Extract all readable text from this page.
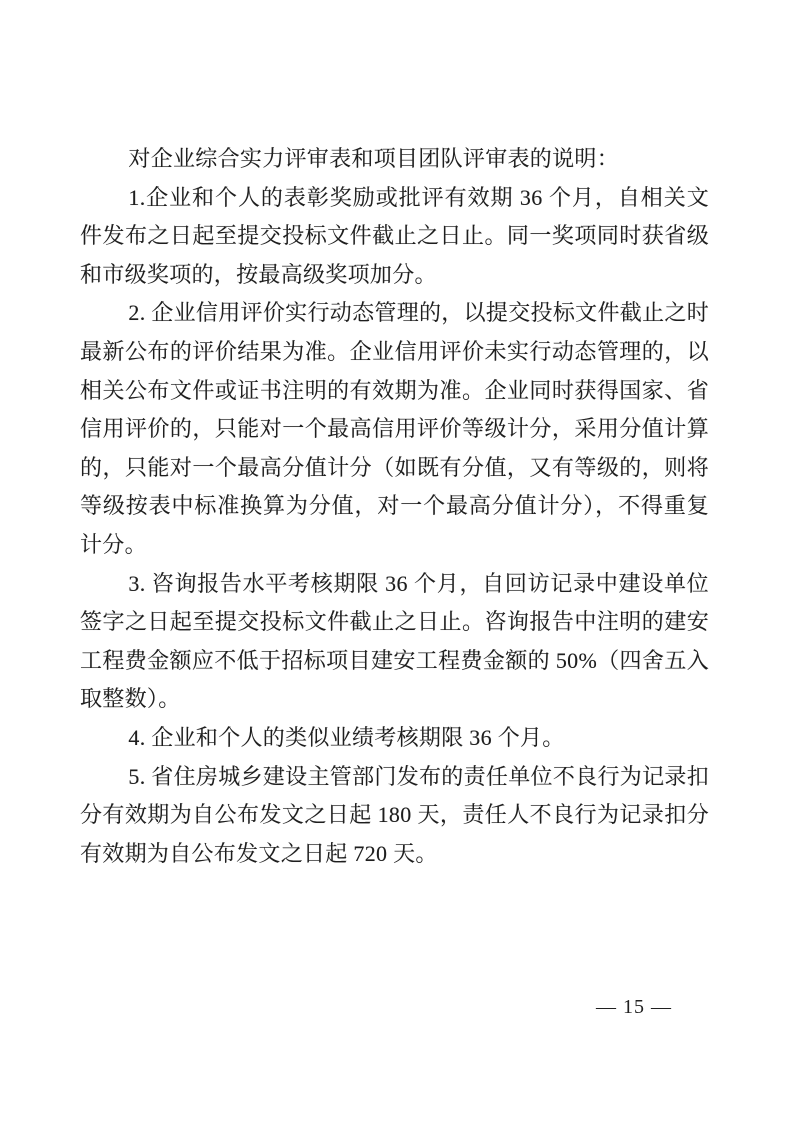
对企业综合实力评审表和项目团队评审表的说明：

1.企业和个人的表彰奖励或批评有效期 36 个月，自相关文件发布之日起至提交投标文件截止之日止。同一奖项同时获省级和市级奖项的，按最高级奖项加分。

2. 企业信用评价实行动态管理的，以提交投标文件截止之时最新公布的评价结果为准。企业信用评价未实行动态管理的，以相关公布文件或证书注明的有效期为准。企业同时获得国家、省信用评价的，只能对一个最高信用评价等级计分，采用分值计算的，只能对一个最高分值计分（如既有分值，又有等级的，则将等级按表中标准换算为分值，对一个最高分值计分），不得重复计分。

3. 咨询报告水平考核期限 36 个月，自回访记录中建设单位签字之日起至提交投标文件截止之日止。咨询报告中注明的建安工程费金额应不低于招标项目建安工程费金额的 50%（四舍五入取整数）。

4. 企业和个人的类似业绩考核期限 36 个月。

5. 省住房城乡建设主管部门发布的责任单位不良行为记录扣分有效期为自公布发文之日起 180 天，责任人不良行为记录扣分有效期为自公布发文之日起 720 天。

— 15 —
